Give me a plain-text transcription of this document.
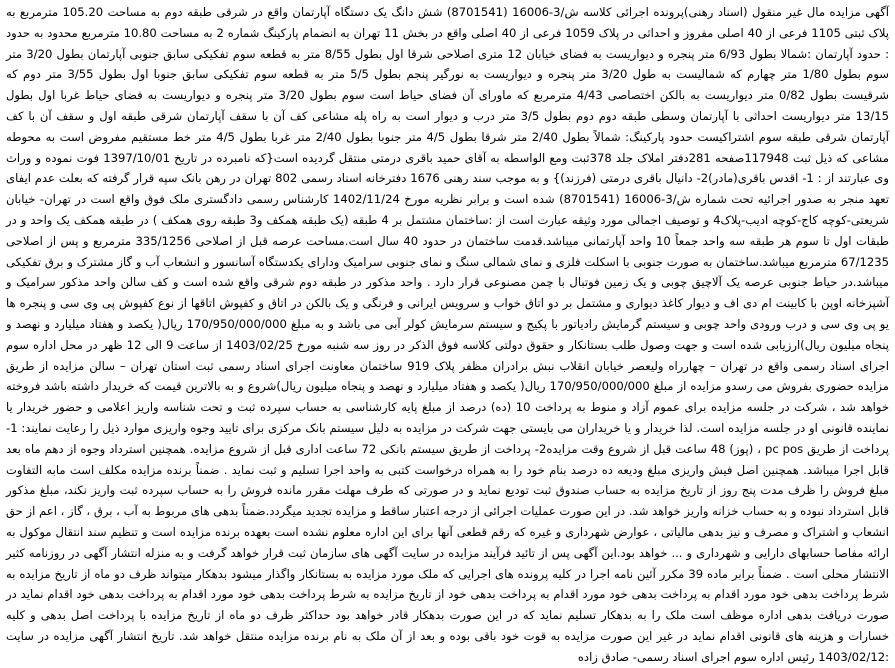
آگهی مزایده مال غیر منقول (اسناد رهنی)پرونده اجرائی کلاسه ش/3-16006 (8701541) شش دانگ یک دستگاه آپارتمان واقع در شرقی طبقه دوم به مساحت 105.20 مترمربع به پلاک ثبتی 1105 فرعی از 40 اصلی مفروز و احداثی در پلاک 1059 فرعی از 40 اصلی واقع در بخش 11 تهران به انضمام پارکینگ شماره 2 به مساحت 10.80 مترمربع محدود به حدود : حدود آپارتمان :شمالا بطول 6/93 متر پنجره و دیواریست به فضای خیابان 12 متری اصلاحی شرقا اول بطول 8/55 متر به قطعه سوم تفکیکی سابق جنوبی آپارتمان بطول 3/20 متر سوم بطول 1/80 متر چهارم که شمالیست به طول 3/20 متر پنجره و دیواریست به نورگیر پنجم بطول 5/5 متر به قطعه سوم تفکیکی سابق جنوبا اول بطول 3/55 متر دوم که شرقیست بطول 0/82 متر دیواریست به بالکن اختصاصی 4/43 مترمربع که ماورای آن فضای حیاط است سوم بطول 3/20 متر پنجره و دیواریست به فضای حیاط غربا اول بطول 13/15 متر دیواریست احداثی با آپارتمان وسطی طبقه دوم دوم بطول 3/5 متر درب و دیوار است به راه پله مشاعی کف آن با سقف آپارتمان شرقی طبقه اول و سقف آن با کف آپارتمان شرقی طبقه سوم اشتراکیست حدود پارکینگ: شمالاً بطول 2/40 متر شرقا بطول 4/5 متر جنوبا بطول 2/40 متر غربا بطول 4/5 متر خط مستقیم مفروض است به محوطه مشاعی که ذیل ثبت 117948صفحه 281دفتر املاک جلد 378ثبت ومع الواسطه به آقای حمید باقری درمتی منتقل گردیده است{که نامبرده در تاریخ 1397/10/01 فوت نموده و وراث وی عبارتند از : 1- اقدس باقری(مادر)2- دانیال باقری درمتی (فرزند)} و به موجب سند رهنی 1676 دفترخانه اسناد رسمی 802 تهران در رهن بانک سپه قرار گرفته که بعلت عدم ایفای تعهد منجر به صدور اجرائیه تحت شماره ش/3-16006 (8701541) شده است و برابر نظریه مورخ 1402/11/24 کارشناس رسمی دادگستری ملک فوق واقع است در تهران- خیابان شریعتی-کوچه کاج-کوچه ادیب-پلاک4 و توصیف اجمالی مورد وثیقه عبارت است از :ساختمان مشتمل بر 4 طبقه (یک طبقه همکف و3 طبقه روی همکف ) در طبقه همکف یک واحد و در طبقات اول تا سوم هر طبقه سه واحد جمعاً 10 واحد آپارتمانی میباشد.قدمت ساختمان در حدود 40 سال است.مساحت عرصه قبل از اصلاحی 335/1256 مترمربع و پس از اصلاحی 67/1235 مترمربع میباشد.ساختمان به صورت جنوبی با اسکلت فلزی و نمای شمالی سنگ و نمای جنوبی سرامیک ودارای یکدستگاه آسانسور و انشعاب آب و گاز مشترک و برق تفکیکی میباشد.در حیاط جنوبی عرصه یک آلاچیق چوبی و یک زمین فوتبال با چمن مصنوعی قرار دارد . واحد مذکور در طبقه دوم شرقی واقع شده است و کف سالن واحد مذکور سرامیک و آشپزخانه اوپن با کابینت ام دی اف و دیوار کاغذ دیواری و مشتمل بر دو اتاق خواب و سرویس ایرانی و فرنگی و یک بالکن در اتاق و کفپوش اتاقها از نوع کفپوش پی وی سی و پنجره ها یو پی وی سی و درب ورودی واحد چوبی و سیستم گرمایش رادیاتور با پکیج و سیستم سرمایش کولر آبی می باشد و به مبلغ 170/950/000/000 ریال( یکصد و هفتاد میلیارد و نهصد و پنجاه میلیون ریال)ارزیابی شده است و جهت وصول طلب بستانکار و حقوق دولتی کلاسه فوق الذکر در روز سه شنبه مورخ 1403/02/25 از ساعت 9 الی 12 ظهر در محل اداره سوم اجرای اسناد رسمی واقع در تهران – چهارراه ولیعصر خیابان انقلاب نبش برادران مظفر پلاک 919 ساختمان معاونت اجرای اسناد رسمی ثبت استان تهران – سالن مزایده از طریق مزایده حضوری بفروش می رسدو مزایده از مبلغ 170/950/000/000 ریال( یکصد و هفتاد میلیارد و نهصد و پنجاه میلیون ریال)شروع و به بالاترین قیمت که خریدار داشته باشد فروخته خواهد شد ، شرکت در جلسه مزایده برای عموم آزاد و منوط به پرداخت 10 (ده) درصد از مبلغ پایه کارشناسی به حساب سپرده ثبت و تحت شناسه واریز اعلامی و حضور خریدار یا نماینده قانونی او در جلسه مزایده است. لذا خریدار و یا خریداران می بایستی جهت شرکت در مزایده به دلیل سیستم بانک مرکزی برای تایید وجوه واریزی موارد ذیل را رعایت نمایند: 1- پرداخت از طریق pc pos ، (پوز) 48 ساعت قبل از شروع وقت مزایده2- پرداخت از طریق سیستم بانکی 72 ساعت اداری قبل از شروع مزایده. همچنین استرداد وجوه از دهم ماه بعد قابل اجرا میباشد. همچنین اصل فیش واریزی مبلغ ودیعه ده درصد بنام خود را به همراه درخواست کتبی به واحد اجرا تسلیم و ثبت نماید . ضمناً برنده مزایده مکلف است مابه التفاوت مبلغ فروش را ظرف مدت پنج روز از تاریخ مزایده به حساب صندوق ثبت تودیع نماید و در صورتی که طرف مهلت مقرر مانده فروش را به حساب سپرده ثبت واریز نکند، مبلغ مذکور قابل استرداد نبوده و به حساب خزانه واریز خواهد شد. در این صورت عملیات اجرائی از درجه اعتبار ساقط و مزایده تجدید میگردد.ضمناً بدهی های مربوط به آب ، برق ، گاز ، اعم از حق انشعاب و اشتراک و مصرف و نیز بدهی مالیاتی ، عوارض شهرداری و غیره که رقم قطعی آنها برای این اداره معلوم نشده است بعهده برنده مزایده است و تنظیم سند انتقال موکول به ارائه مفاصا حسابهای دارایی و شهرداری و ... خواهد بود.این آگهی پس از تائید فرآیند مزایده در سایت آگهی های سازمان ثبت قرار خواهد گرفت و به منزله انتشار آگهی در روزنامه کثیر الانتشار محلی است . ضمناً برابر ماده 39 مکرر آئین نامه اجرا در کلیه پرونده های اجرایی که ملک مورد مزایده به بستانکار واگذار میشود بدهکار میتواند ظرف دو ماه از تاریخ مزایده به شرط پرداخت بدهی خود مورد اقدام به پرداخت بدهی خود مورد اقدام به پرداخت بدهی خود از تاریخ مزایده به شرط پرداخت بدهی خود مورد اقدام به پرداخت بدهی خود اقدام نماید در صورت دریافت بدهی اداره موظف است ملک را به بدهکار تسلیم نماید که در این صورت بدهکار قادر خواهد بود حداکثر ظرف دو ماه از تاریخ مزایده با پرداخت اصل بدهی و کلیه خسارات و هزینه های قانونی اقدام نماید در غیر این صورت مزایده به قوت خود باقی بوده و بعد از آن ملک به نام برنده مزایده منتقل خواهد شد. تاریخ انتشار آگهی مزایده در سایت :1403/02/12 رئیس اداره سوم اجرای اسناد رسمی- صادق زاده
